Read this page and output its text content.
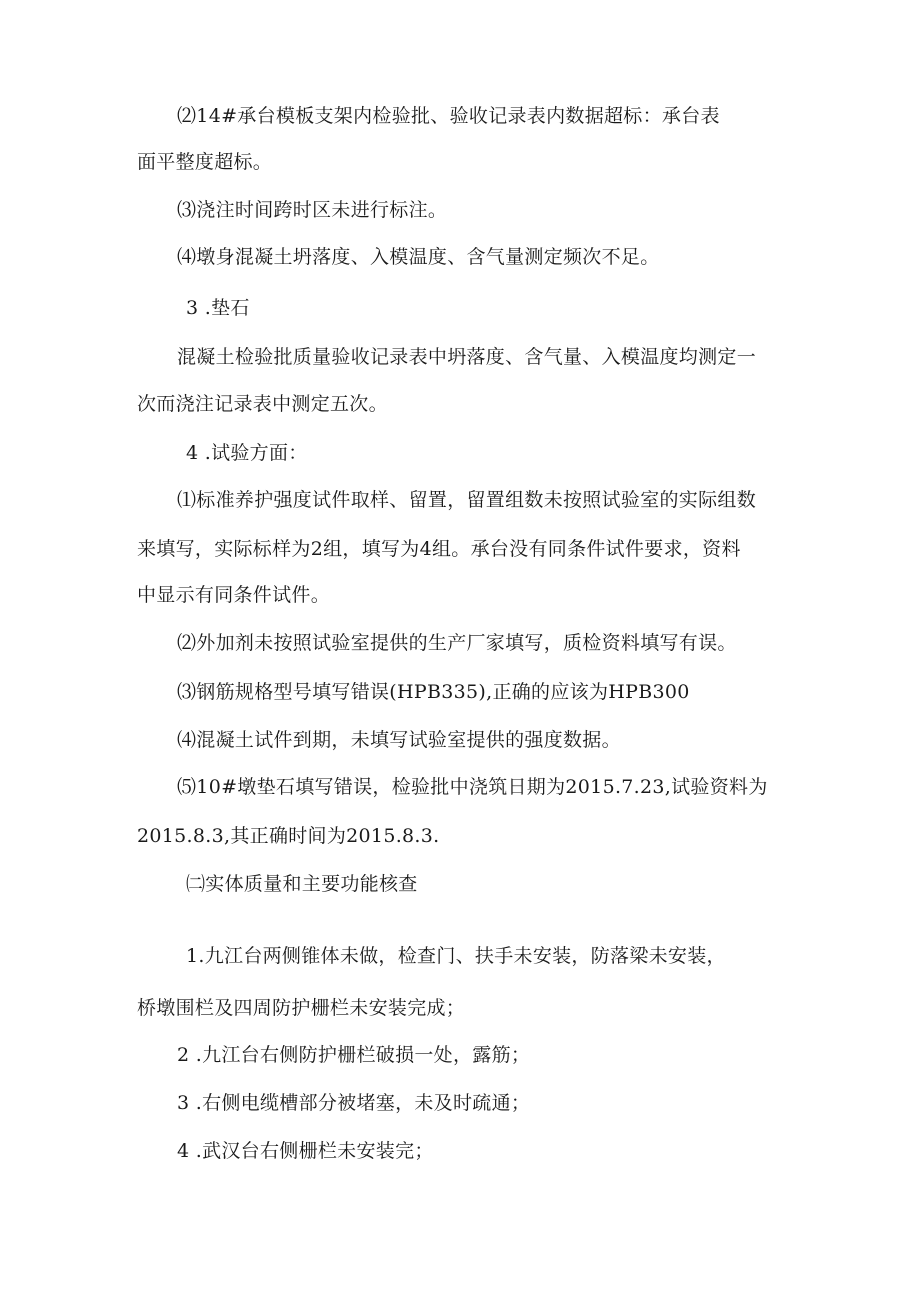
⑵14#承台模板支架内检验批、验收记录表内数据超标：承台表
面平整度超标。
⑶浇注时间跨时区未进行标注。
⑷墩身混凝土坍落度、入模温度、含气量测定频次不足。
3 .垫石
混凝土检验批质量验收记录表中坍落度、含气量、入模温度均测定一
次而浇注记录表中测定五次。
4 .试验方面：
⑴标准养护强度试件取样、留置，留置组数未按照试验室的实际组数
来填写，实际标样为2组，填写为4组。承台没有同条件试件要求，资料
中显示有同条件试件。
⑵外加剂未按照试验室提供的生产厂家填写，质检资料填写有误。
⑶钢筋规格型号填写错误(HPB335),正确的应该为HPB300
⑷混凝土试件到期，未填写试验室提供的强度数据。
⑸10#墩垫石填写错误，检验批中浇筑日期为2015.7.23,试验资料为
2015.8.3,其正确时间为2015.8.3.
㈡实体质量和主要功能核查
1.九江台两侧锥体未做，检查门、扶手未安装，防落梁未安装，
桥墩围栏及四周防护栅栏未安装完成；
2 .九江台右侧防护栅栏破损一处，露筋；
3 .右侧电缆槽部分被堵塞，未及时疏通；
4 .武汉台右侧栅栏未安装完；
